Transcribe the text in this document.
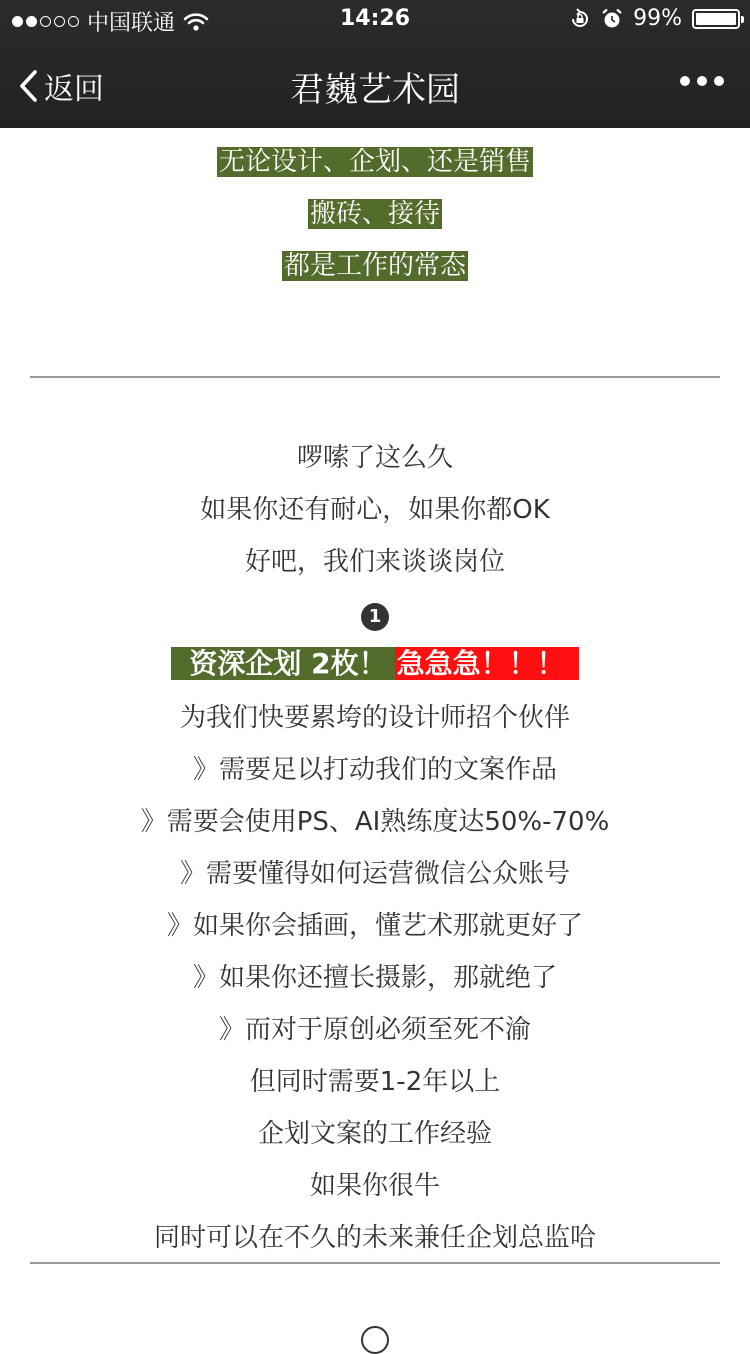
中国联通	14:26	99%
返回	君巍艺术园
无论设计、企划、还是销售
搬砖、接待
都是工作的常态
啰嗦了这么久
如果你还有耐心，如果你都OK
好吧，我们来谈谈岗位
1
资深企划 2枚！ 急急急！！！
为我们快要累垮的设计师招个伙伴
》需要足以打动我们的文案作品
》需要会使用PS、AI熟练度达50%-70%
》需要懂得如何运营微信公众账号
》如果你会插画，懂艺术那就更好了
》如果你还擅长摄影，那就绝了
》而对于原创必须至死不渝
但同时需要1-2年以上
企划文案的工作经验
如果你很牛
同时可以在不久的未来兼任企划总监哈
